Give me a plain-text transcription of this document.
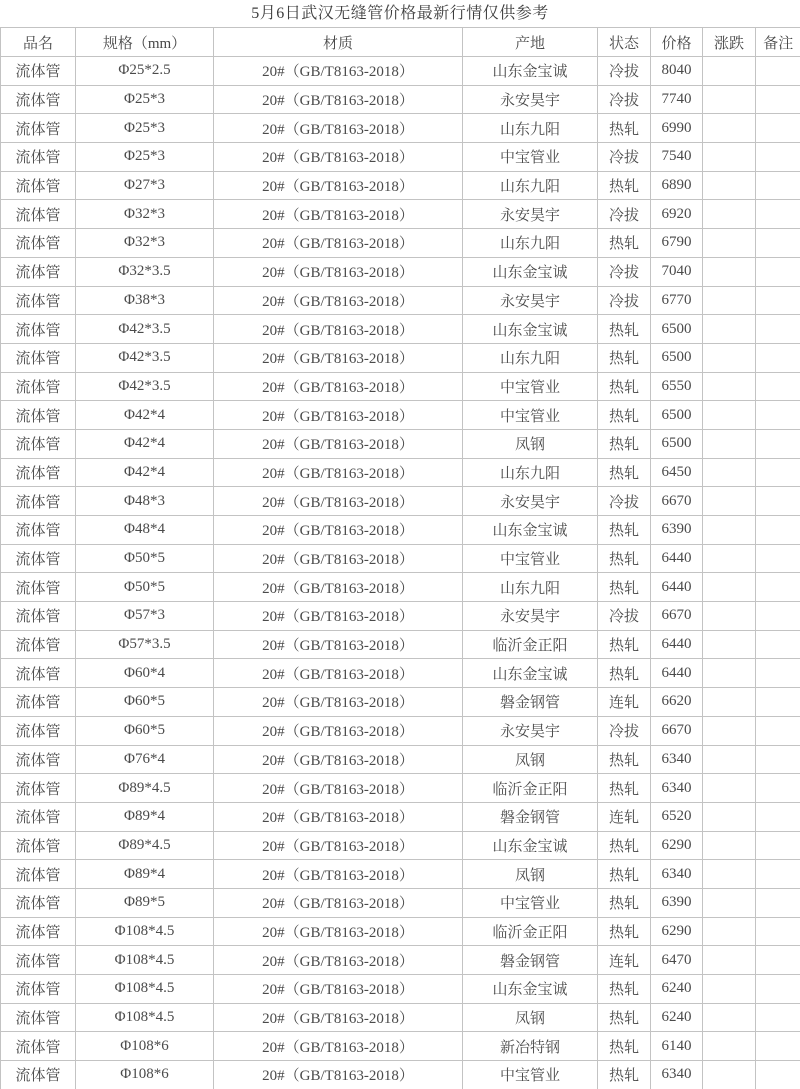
5月6日武汉无缝管价格最新行情仅供参考
品名	规格（mm）	材质	产地	状态	价格	涨跌	备注
流体管	Φ25*2.5	20#（GB/T8163-2018）	山东金宝诚	冷拔	8040		
流体管	Φ25*3	20#（GB/T8163-2018）	永安昊宇	冷拔	7740		
流体管	Φ25*3	20#（GB/T8163-2018）	山东九阳	热轧	6990		
流体管	Φ25*3	20#（GB/T8163-2018）	中宝管业	冷拔	7540		
流体管	Φ27*3	20#（GB/T8163-2018）	山东九阳	热轧	6890		
流体管	Φ32*3	20#（GB/T8163-2018）	永安昊宇	冷拔	6920		
流体管	Φ32*3	20#（GB/T8163-2018）	山东九阳	热轧	6790		
流体管	Φ32*3.5	20#（GB/T8163-2018）	山东金宝诚	冷拔	7040		
流体管	Φ38*3	20#（GB/T8163-2018）	永安昊宇	冷拔	6770		
流体管	Φ42*3.5	20#（GB/T8163-2018）	山东金宝诚	热轧	6500		
流体管	Φ42*3.5	20#（GB/T8163-2018）	山东九阳	热轧	6500		
流体管	Φ42*3.5	20#（GB/T8163-2018）	中宝管业	热轧	6550		
流体管	Φ42*4	20#（GB/T8163-2018）	中宝管业	热轧	6500		
流体管	Φ42*4	20#（GB/T8163-2018）	凤钢	热轧	6500		
流体管	Φ42*4	20#（GB/T8163-2018）	山东九阳	热轧	6450		
流体管	Φ48*3	20#（GB/T8163-2018）	永安昊宇	冷拔	6670		
流体管	Φ48*4	20#（GB/T8163-2018）	山东金宝诚	热轧	6390		
流体管	Φ50*5	20#（GB/T8163-2018）	中宝管业	热轧	6440		
流体管	Φ50*5	20#（GB/T8163-2018）	山东九阳	热轧	6440		
流体管	Φ57*3	20#（GB/T8163-2018）	永安昊宇	冷拔	6670		
流体管	Φ57*3.5	20#（GB/T8163-2018）	临沂金正阳	热轧	6440		
流体管	Φ60*4	20#（GB/T8163-2018）	山东金宝诚	热轧	6440		
流体管	Φ60*5	20#（GB/T8163-2018）	磐金钢管	连轧	6620		
流体管	Φ60*5	20#（GB/T8163-2018）	永安昊宇	冷拔	6670		
流体管	Φ76*4	20#（GB/T8163-2018）	凤钢	热轧	6340		
流体管	Φ89*4.5	20#（GB/T8163-2018）	临沂金正阳	热轧	6340		
流体管	Φ89*4	20#（GB/T8163-2018）	磐金钢管	连轧	6520		
流体管	Φ89*4.5	20#（GB/T8163-2018）	山东金宝诚	热轧	6290		
流体管	Φ89*4	20#（GB/T8163-2018）	凤钢	热轧	6340		
流体管	Φ89*5	20#（GB/T8163-2018）	中宝管业	热轧	6390		
流体管	Φ108*4.5	20#（GB/T8163-2018）	临沂金正阳	热轧	6290		
流体管	Φ108*4.5	20#（GB/T8163-2018）	磐金钢管	连轧	6470		
流体管	Φ108*4.5	20#（GB/T8163-2018）	山东金宝诚	热轧	6240		
流体管	Φ108*4.5	20#（GB/T8163-2018）	凤钢	热轧	6240		
流体管	Φ108*6	20#（GB/T8163-2018）	新冶特钢	热轧	6140		
流体管	Φ108*6	20#（GB/T8163-2018）	中宝管业	热轧	6340		
